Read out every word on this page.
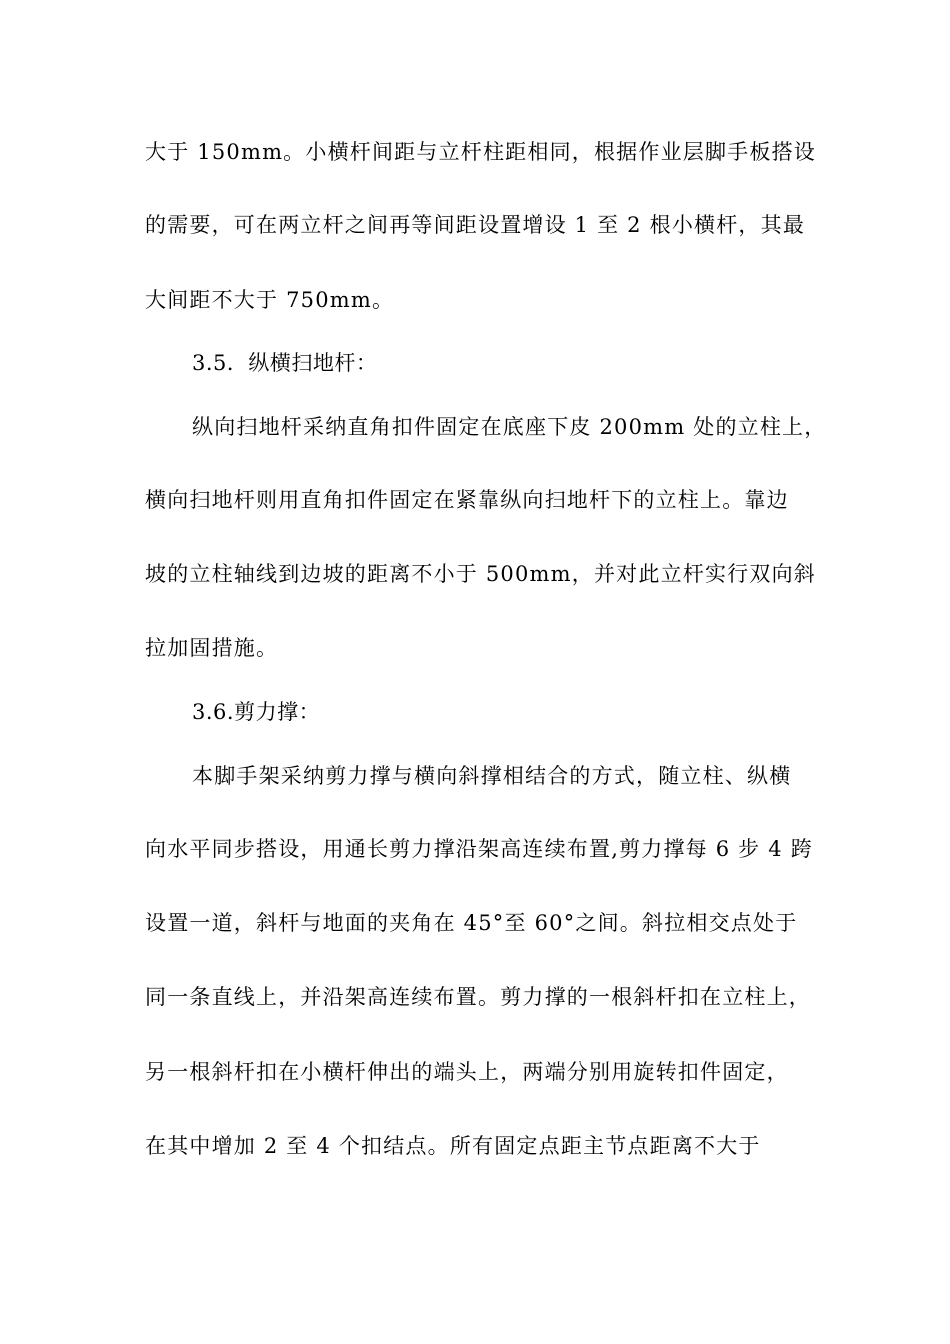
大于 150mm。小横杆间距与立杆柱距相同，根据作业层脚手板搭设
的需要，可在两立杆之间再等间距设置增设 1 至 2 根小横杆，其最
大间距不大于 750mm。
3.5．纵横扫地杆：
纵向扫地杆采纳直角扣件固定在底座下皮 200mm 处的立柱上，
横向扫地杆则用直角扣件固定在紧靠纵向扫地杆下的立柱上。靠边
坡的立柱轴线到边坡的距离不小于 500mm，并对此立杆实行双向斜
拉加固措施。
3.6.剪力撑：
本脚手架采纳剪力撑与横向斜撑相结合的方式，随立柱、纵横
向水平同步搭设，用通长剪力撑沿架高连续布置,剪力撑每 6 步 4 跨
设置一道，斜杆与地面的夹角在 45°至 60°之间。斜拉相交点处于
同一条直线上，并沿架高连续布置。剪力撑的一根斜杆扣在立柱上，
另一根斜杆扣在小横杆伸出的端头上，两端分别用旋转扣件固定，
在其中增加 2 至 4 个扣结点。所有固定点距主节点距离不大于
